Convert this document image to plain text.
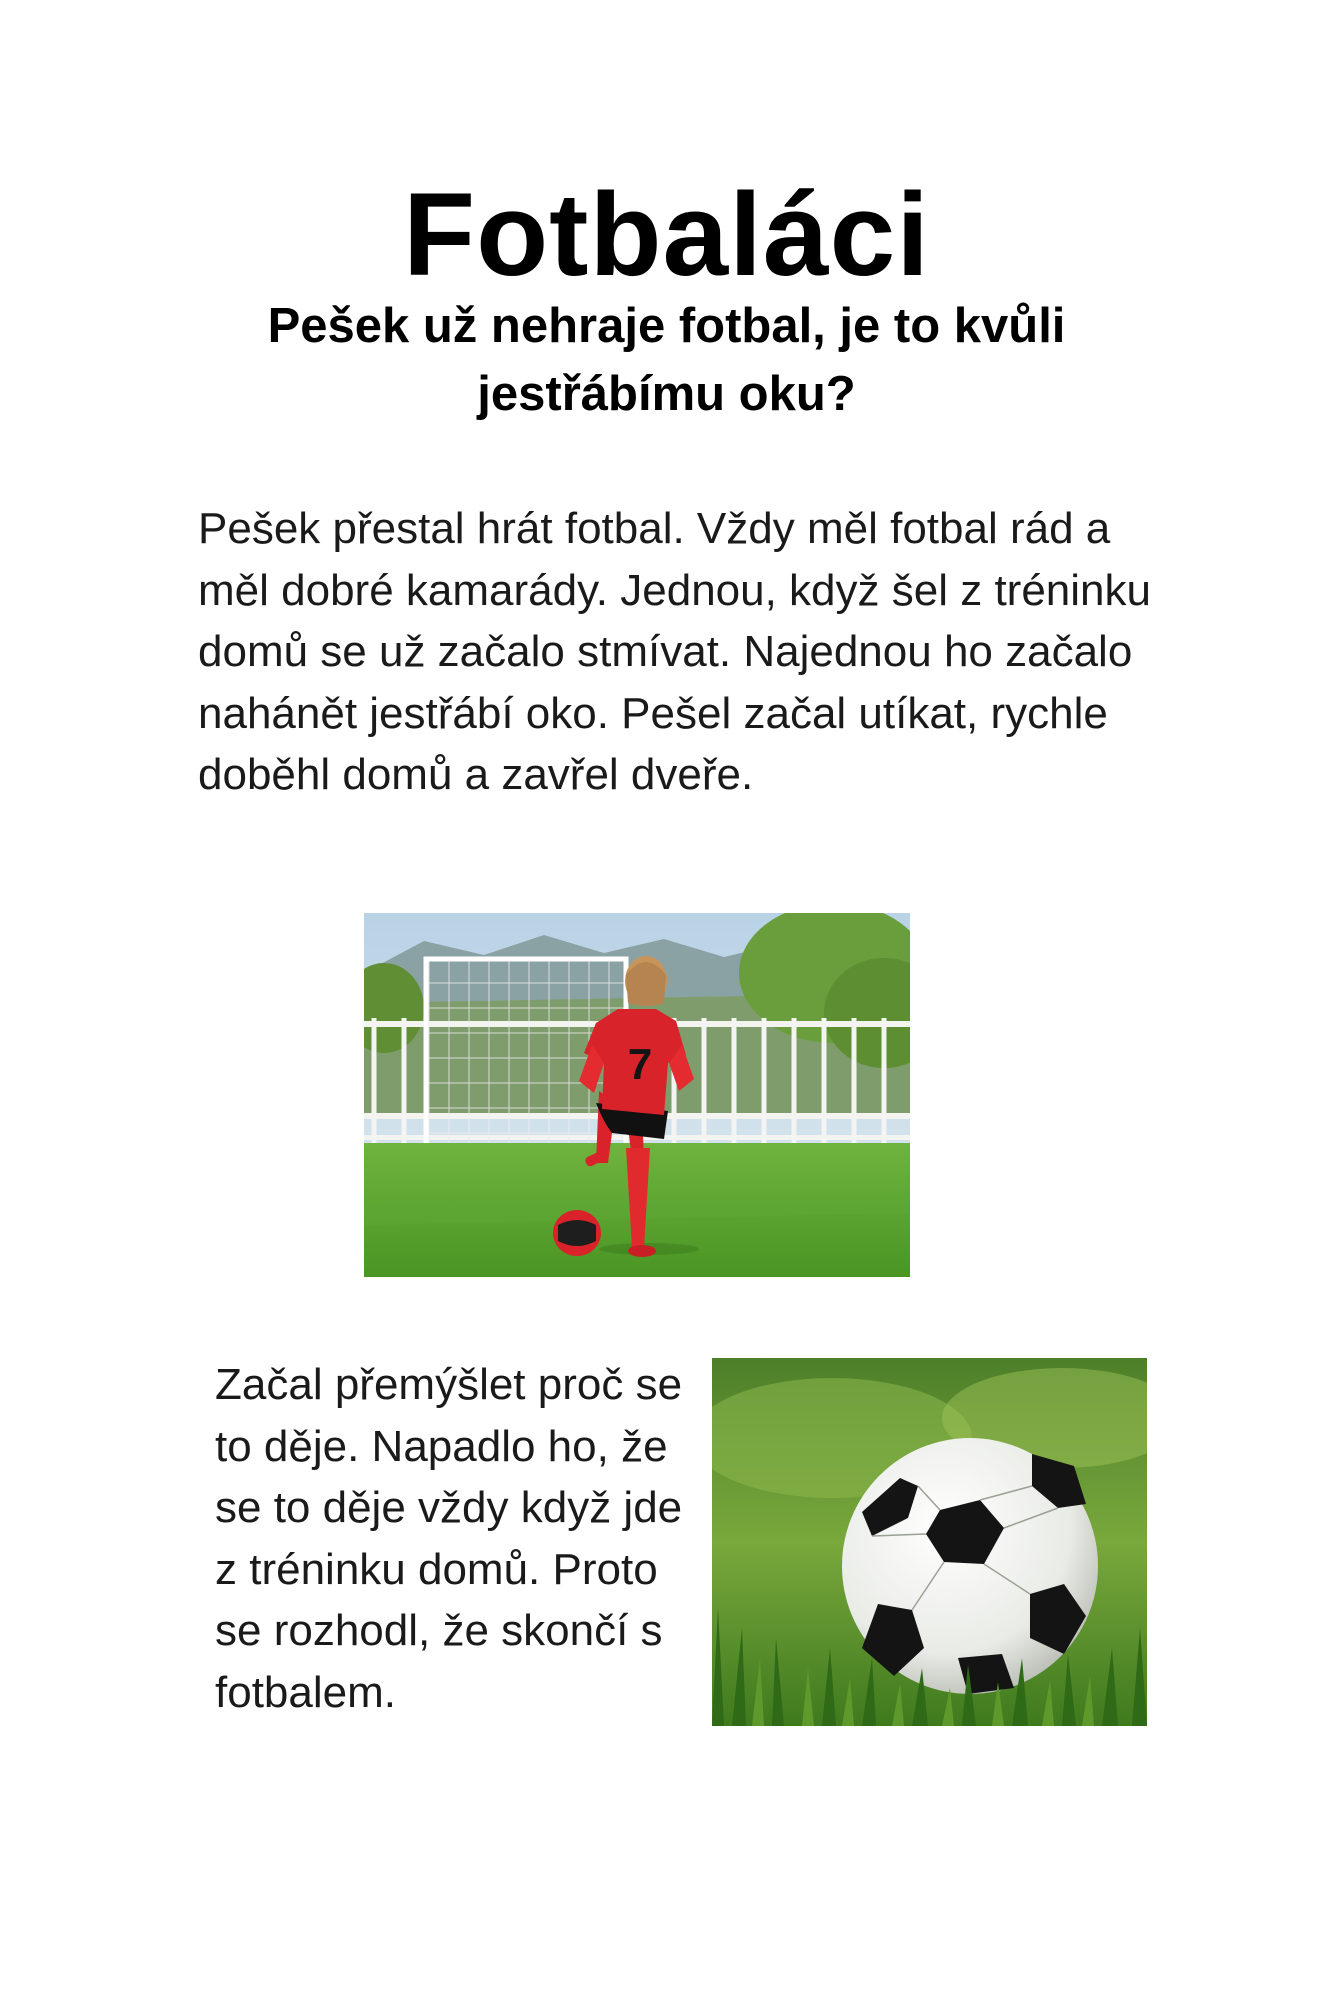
Fotbaláci
Pešek už nehraje fotbal, je to kvůli jestřábímu oku?

Pešek přestal hrát fotbal. Vždy měl fotbal rád a měl dobré kamarády. Jednou, když šel z tréninku domů se už začalo stmívat. Najednou ho začalo nahánět jestřábí oko. Pešel začal utíkat, rychle doběhl domů a zavřel dveře.

7

Začal přemýšlet proč se to děje. Napadlo ho, že se to děje vždy když jde z tréninku domů. Proto se rozhodl, že skončí s fotbalem.
